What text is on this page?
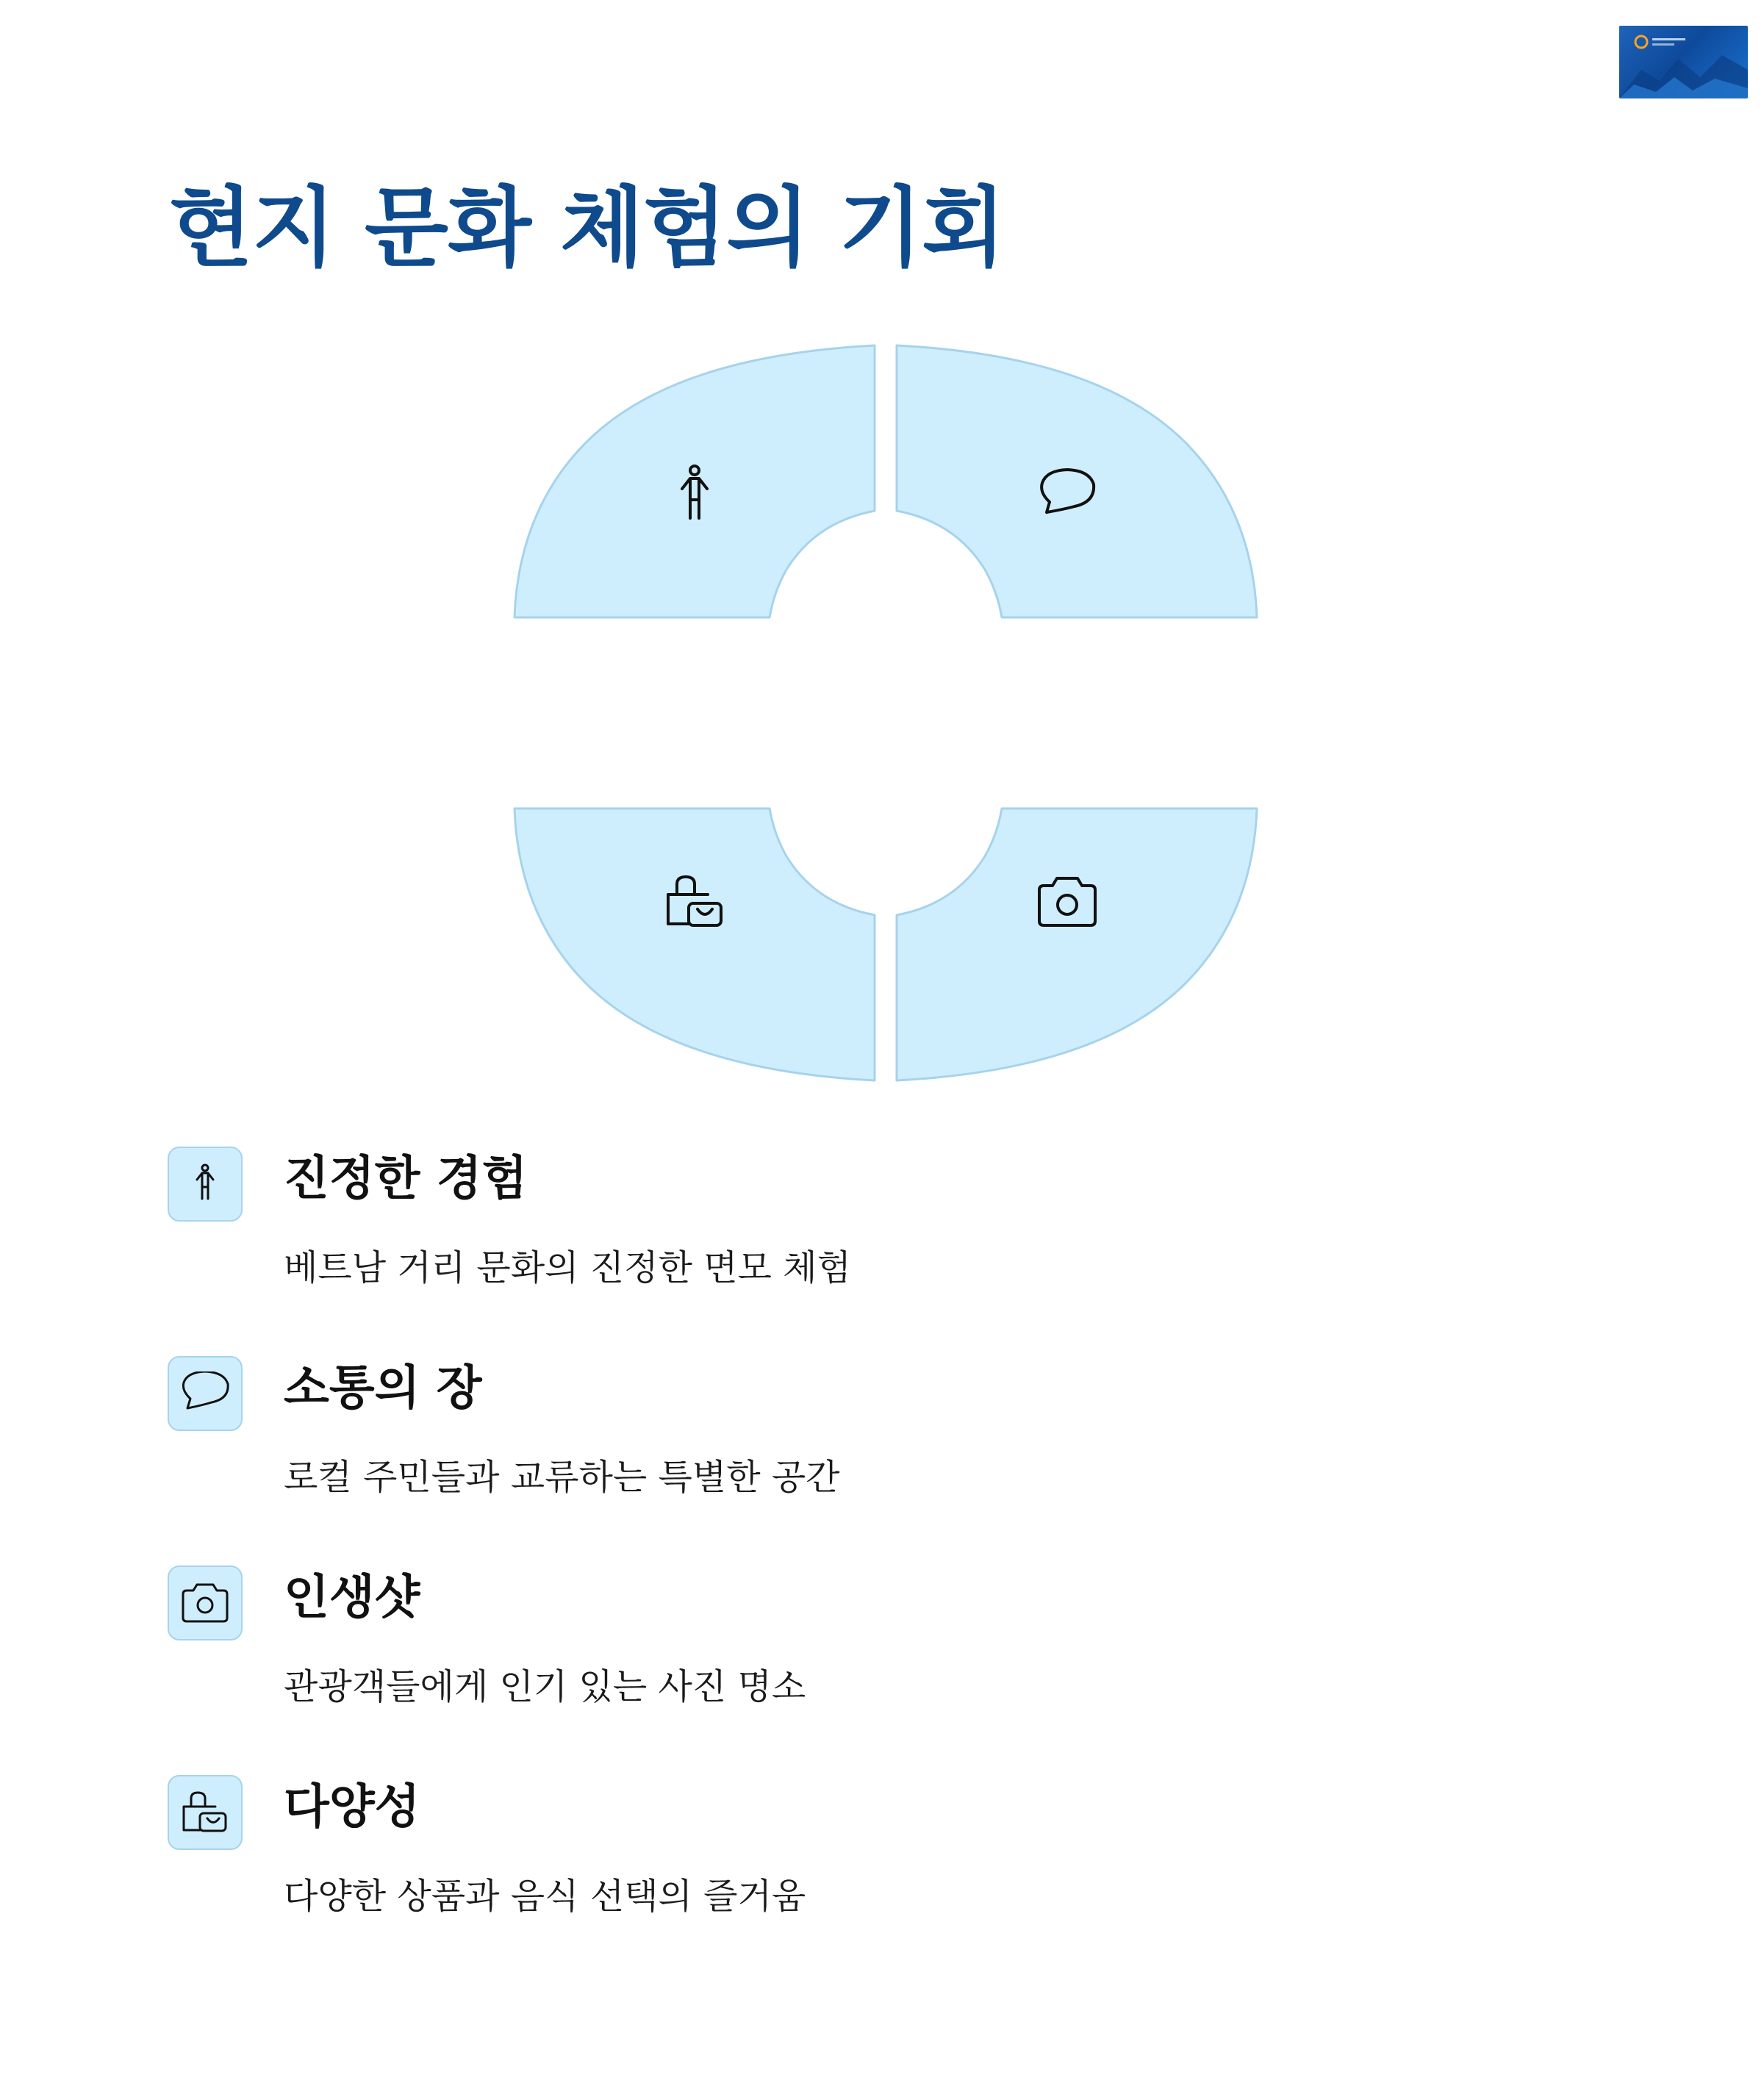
현지 문화 체험의 기회
진정한 경험

베트남 거리 문화의 진정한 면모 체험

소통의 장

로컬 주민들과 교류하는 특별한 공간

인생샷

관광객들에게 인기 있는 사진 명소

다양성

다양한 상품과 음식 선택의 즐거움
